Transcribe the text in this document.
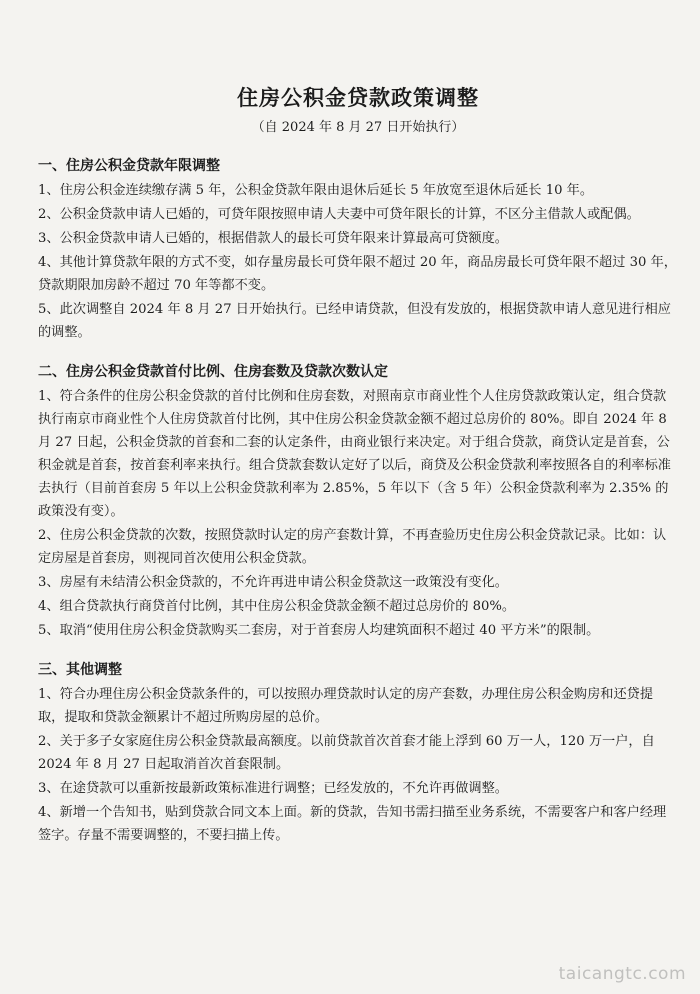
住房公积金贷款政策调整
（自 2024 年 8 月 27 日开始执行）
一、住房公积金贷款年限调整
1、住房公积金连续缴存满 5 年，公积金贷款年限由退休后延长 5 年放宽至退休后延长 10 年。
2、公积金贷款申请人已婚的，可贷年限按照申请人夫妻中可贷年限长的计算，不区分主借款人或配偶。
3、公积金贷款申请人已婚的，根据借款人的最长可贷年限来计算最高可贷额度。
4、其他计算贷款年限的方式不变，如存量房最长可贷年限不超过 20 年，商品房最长可贷年限不超过 30 年，贷款期限加房龄不超过 70 年等都不变。
5、此次调整自 2024 年 8 月 27 日开始执行。已经申请贷款，但没有发放的，根据贷款申请人意见进行相应的调整。
二、住房公积金贷款首付比例、住房套数及贷款次数认定
1、符合条件的住房公积金贷款的首付比例和住房套数，对照南京市商业性个人住房贷款政策认定，组合贷款执行南京市商业性个人住房贷款首付比例，其中住房公积金贷款金额不超过总房价的 80%。即自 2024 年 8 月 27 日起，公积金贷款的首套和二套的认定条件，由商业银行来决定。对于组合贷款，商贷认定是首套，公积金就是首套，按首套利率来执行。组合贷款套数认定好了以后，商贷及公积金贷款利率按照各自的利率标准去执行（目前首套房 5 年以上公积金贷款利率为 2.85%，5 年以下（含 5 年）公积金贷款利率为 2.35% 的政策没有变）。
2、住房公积金贷款的次数，按照贷款时认定的房产套数计算，不再查验历史住房公积金贷款记录。比如：认定房屋是首套房，则视同首次使用公积金贷款。
3、房屋有未结清公积金贷款的，不允许再进申请公积金贷款这一政策没有变化。
4、组合贷款执行商贷首付比例，其中住房公积金贷款金额不超过总房价的 80%。
5、取消“使用住房公积金贷款购买二套房，对于首套房人均建筑面积不超过 40 平方米”的限制。
三、其他调整
1、符合办理住房公积金贷款条件的，可以按照办理贷款时认定的房产套数，办理住房公积金购房和还贷提取，提取和贷款金额累计不超过所购房屋的总价。
2、关于多子女家庭住房公积金贷款最高额度。以前贷款首次首套才能上浮到 60 万一人，120 万一户，自 2024 年 8 月 27 日起取消首次首套限制。
3、在途贷款可以重新按最新政策标准进行调整；已经发放的，不允许再做调整。
4、新增一个告知书，贴到贷款合同文本上面。新的贷款，告知书需扫描至业务系统，不需要客户和客户经理签字。存量不需要调整的，不要扫描上传。
taicangtc.com
